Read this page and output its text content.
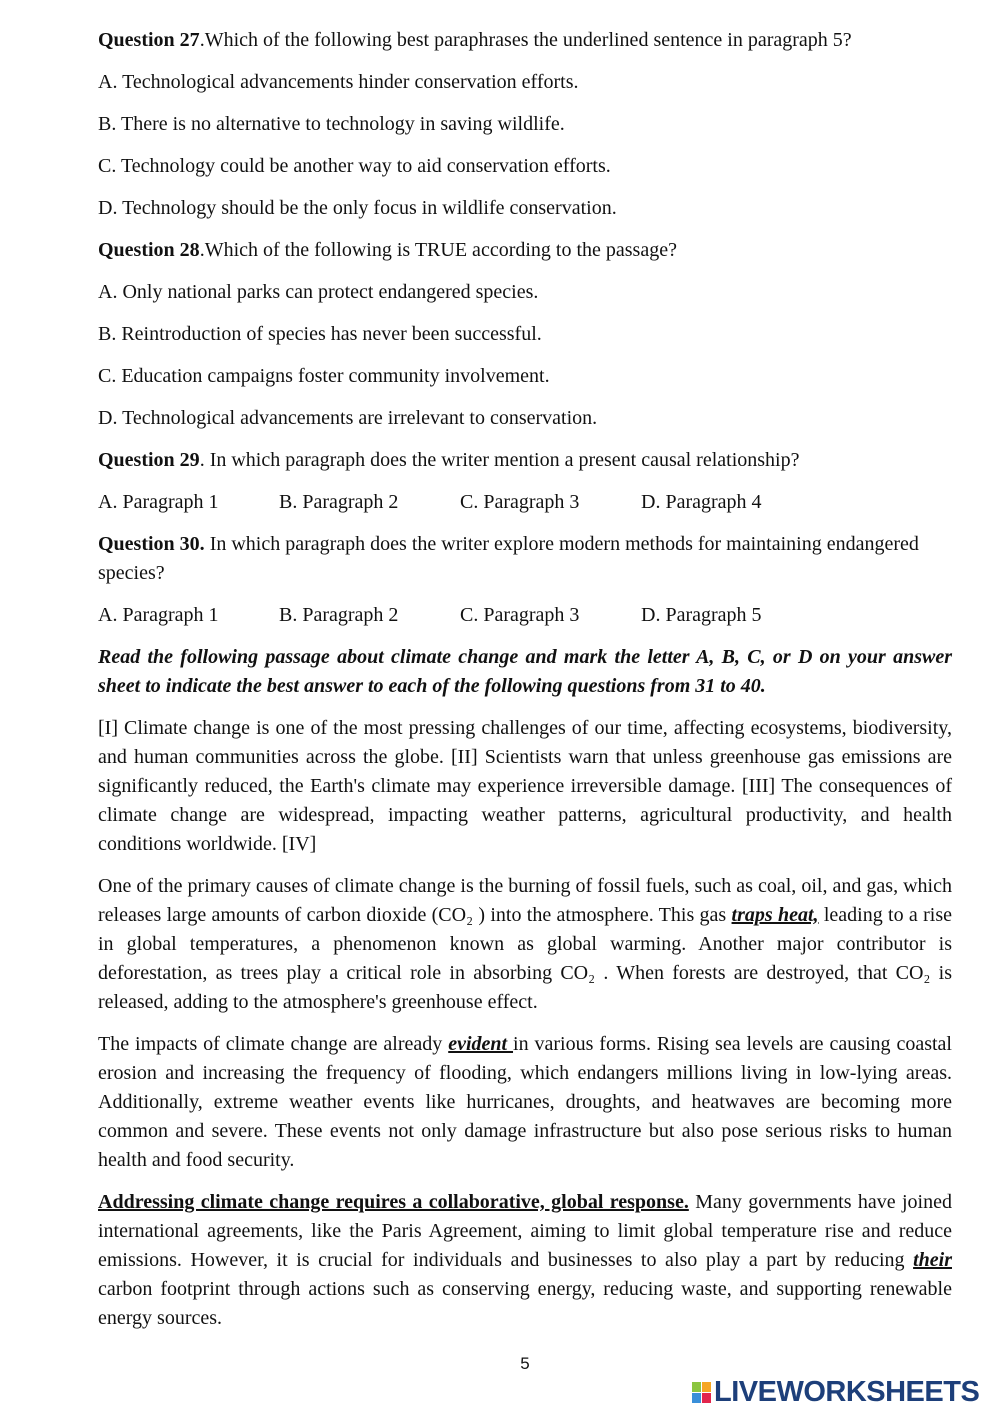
Question 27.Which of the following best paraphrases the underlined sentence in paragraph 5?
A. Technological advancements hinder conservation efforts.
B. There is no alternative to technology in saving wildlife.
C. Technology could be another way to aid conservation efforts.
D. Technology should be the only focus in wildlife conservation.
Question 28.Which of the following is TRUE according to the passage?
A. Only national parks can protect endangered species.
B. Reintroduction of species has never been successful.
C. Education campaigns foster community involvement.
D. Technological advancements are irrelevant to conservation.
Question 29. In which paragraph does the writer mention a present causal relationship?
A. Paragraph 1	B. Paragraph 2	C. Paragraph 3	D. Paragraph 4
Question 30. In which paragraph does the writer explore modern methods for maintaining endangered species?
A. Paragraph 1	B. Paragraph 2	C. Paragraph 3	D. Paragraph 5
Read the following passage about climate change and mark the letter A, B, C, or D on your answer sheet to indicate the best answer to each of the following questions from 31 to 40.
[I] Climate change is one of the most pressing challenges of our time, affecting ecosystems, biodiversity, and human communities across the globe. [II] Scientists warn that unless greenhouse gas emissions are significantly reduced, the Earth's climate may experience irreversible damage. [III] The consequences of climate change are widespread, impacting weather patterns, agricultural productivity, and health conditions worldwide. [IV]
One of the primary causes of climate change is the burning of fossil fuels, such as coal, oil, and gas, which releases large amounts of carbon dioxide (CO₂ ) into the atmosphere. This gas traps heat, leading to a rise in global temperatures, a phenomenon known as global warming. Another major contributor is deforestation, as trees play a critical role in absorbing CO₂ . When forests are destroyed, that CO₂ is released, adding to the atmosphere's greenhouse effect.
The impacts of climate change are already evident in various forms. Rising sea levels are causing coastal erosion and increasing the frequency of flooding, which endangers millions living in low-lying areas. Additionally, extreme weather events like hurricanes, droughts, and heatwaves are becoming more common and severe. These events not only damage infrastructure but also pose serious risks to human health and food security.
Addressing climate change requires a collaborative, global response. Many governments have joined international agreements, like the Paris Agreement, aiming to limit global temperature rise and reduce emissions. However, it is crucial for individuals and businesses to also play a part by reducing their carbon footprint through actions such as conserving energy, reducing waste, and supporting renewable energy sources.
5
LIVEWORKSHEETS
